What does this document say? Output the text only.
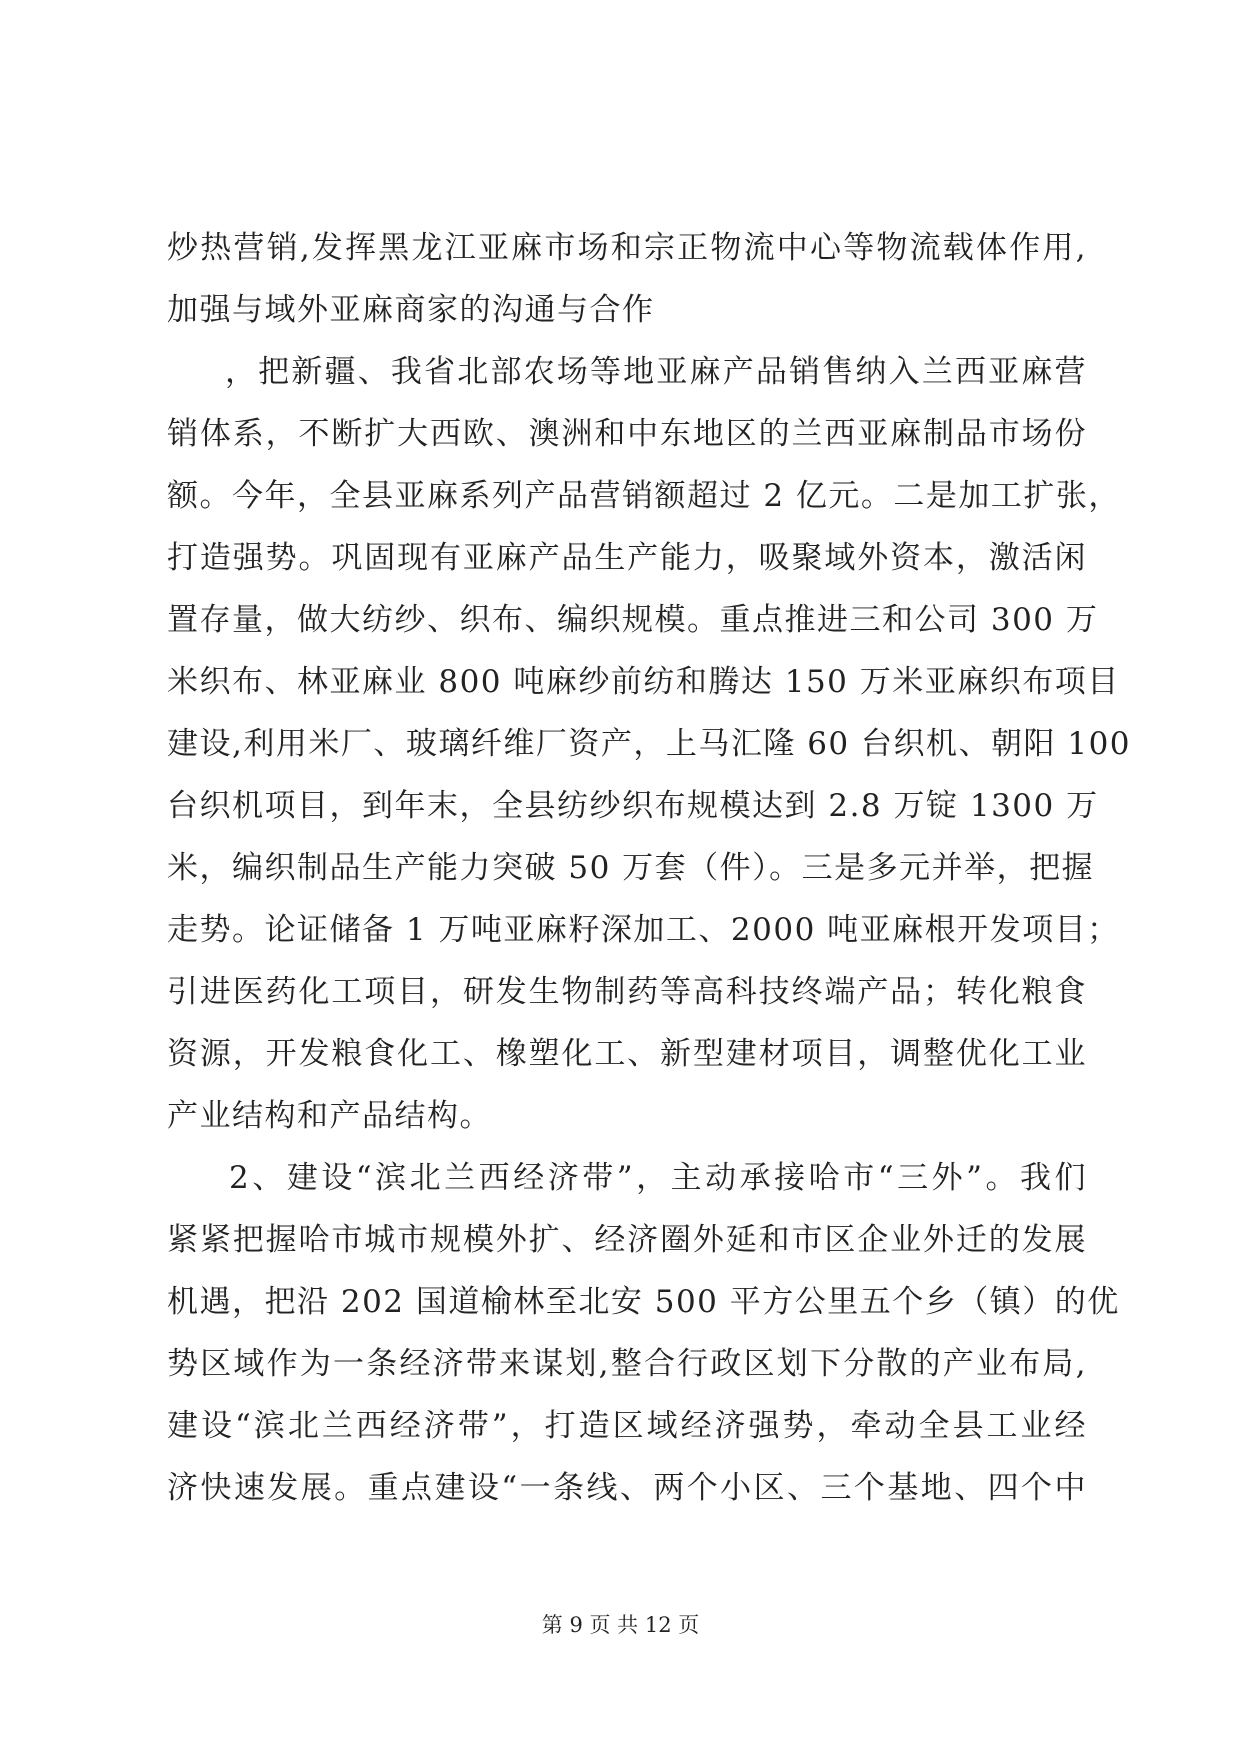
炒热营销,发挥黑龙江亚麻市场和宗正物流中心等物流载体作用,
加强与域外亚麻商家的沟通与合作
，把新疆、我省北部农场等地亚麻产品销售纳入兰西亚麻营
销体系，不断扩大西欧、澳洲和中东地区的兰西亚麻制品市场份
额。今年，全县亚麻系列产品营销额超过 2 亿元。二是加工扩张，
打造强势。巩固现有亚麻产品生产能力，吸聚域外资本，激活闲
置存量，做大纺纱、织布、编织规模。重点推进三和公司 300 万
米织布、林亚麻业 800 吨麻纱前纺和腾达 150 万米亚麻织布项目
建设,利用米厂、玻璃纤维厂资产，上马汇隆 60 台织机、朝阳 100
台织机项目，到年末，全县纺纱织布规模达到 2.8 万锭 1300 万
米，编织制品生产能力突破 50 万套（件）。三是多元并举，把握
走势。论证储备 1 万吨亚麻籽深加工、2000 吨亚麻根开发项目；
引进医药化工项目，研发生物制药等高科技终端产品；转化粮食
资源，开发粮食化工、橡塑化工、新型建材项目，调整优化工业
产业结构和产品结构。
2、建设“滨北兰西经济带”，主动承接哈市“三外”。我们
紧紧把握哈市城市规模外扩、经济圈外延和市区企业外迁的发展
机遇，把沿 202 国道榆林至北安 500 平方公里五个乡（镇）的优
势区域作为一条经济带来谋划,整合行政区划下分散的产业布局,
建设“滨北兰西经济带”，打造区域经济强势，牵动全县工业经
济快速发展。重点建设“一条线、两个小区、三个基地、四个中
第 9 页 共 12 页
